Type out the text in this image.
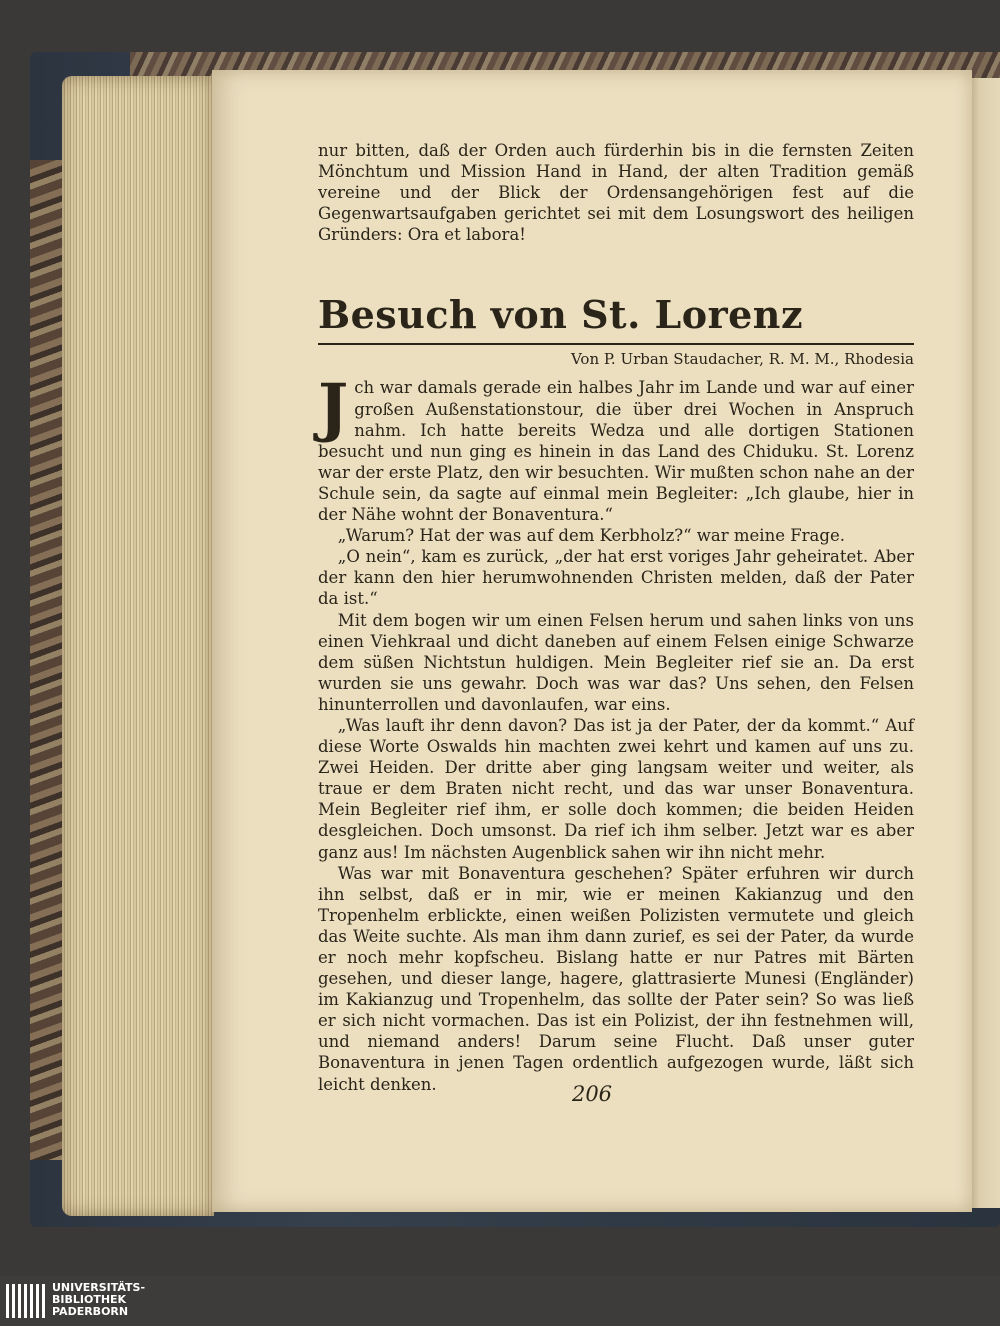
nur bitten, daß der Orden auch fürderhin bis in die fernsten Zeiten Mönchtum und Mission Hand in Hand, der alten Tradition gemäß vereine und der Blick der Ordensangehörigen fest auf die Gegenwartsaufgaben gerichtet sei mit dem Losungswort des heiligen Gründers: Ora et labora!

Besuch von St. Lorenz
Von P. Urban Staudacher, R. M. M., Rhodesia

Jch war damals gerade ein halbes Jahr im Lande und war auf einer großen Außenstationstour, die über drei Wochen in Anspruch nahm. Ich hatte bereits Wedza und alle dortigen Stationen besucht und nun ging es hinein in das Land des Chiduku. St. Lorenz war der erste Platz, den wir besuchten. Wir mußten schon nahe an der Schule sein, da sagte auf einmal mein Begleiter: „Ich glaube, hier in der Nähe wohnt der Bonaventura.“

„Warum? Hat der was auf dem Kerbholz?“ war meine Frage.

„O nein“, kam es zurück, „der hat erst voriges Jahr geheiratet. Aber der kann den hier herumwohnenden Christen melden, daß der Pater da ist.“

Mit dem bogen wir um einen Felsen herum und sahen links von uns einen Viehkraal und dicht daneben auf einem Felsen einige Schwarze dem süßen Nichtstun huldigen. Mein Begleiter rief sie an. Da erst wurden sie uns gewahr. Doch was war das? Uns sehen, den Felsen hinunterrollen und davonlaufen, war eins.

„Was lauft ihr denn davon? Das ist ja der Pater, der da kommt.“ Auf diese Worte Oswalds hin machten zwei kehrt und kamen auf uns zu. Zwei Heiden. Der dritte aber ging langsam weiter und weiter, als traue er dem Braten nicht recht, und das war unser Bonaventura. Mein Begleiter rief ihm, er solle doch kommen; die beiden Heiden desgleichen. Doch umsonst. Da rief ich ihm selber. Jetzt war es aber ganz aus! Im nächsten Augenblick sahen wir ihn nicht mehr.

Was war mit Bonaventura geschehen? Später erfuhren wir durch ihn selbst, daß er in mir, wie er meinen Kakianzug und den Tropenhelm erblickte, einen weißen Polizisten vermutete und gleich das Weite suchte. Als man ihm dann zurief, es sei der Pater, da wurde er noch mehr kopfscheu. Bislang hatte er nur Patres mit Bärten gesehen, und dieser lange, hagere, glattrasierte Munesi (Engländer) im Kakianzug und Tropenhelm, das sollte der Pater sein? So was ließ er sich nicht vormachen. Das ist ein Polizist, der ihn festnehmen will, und niemand anders! Darum seine Flucht. Daß unser guter Bonaventura in jenen Tagen ordentlich aufgezogen wurde, läßt sich leicht denken.	206
UNIVERSITÄTS-
BIBLIOTHEK
PADERBORN
